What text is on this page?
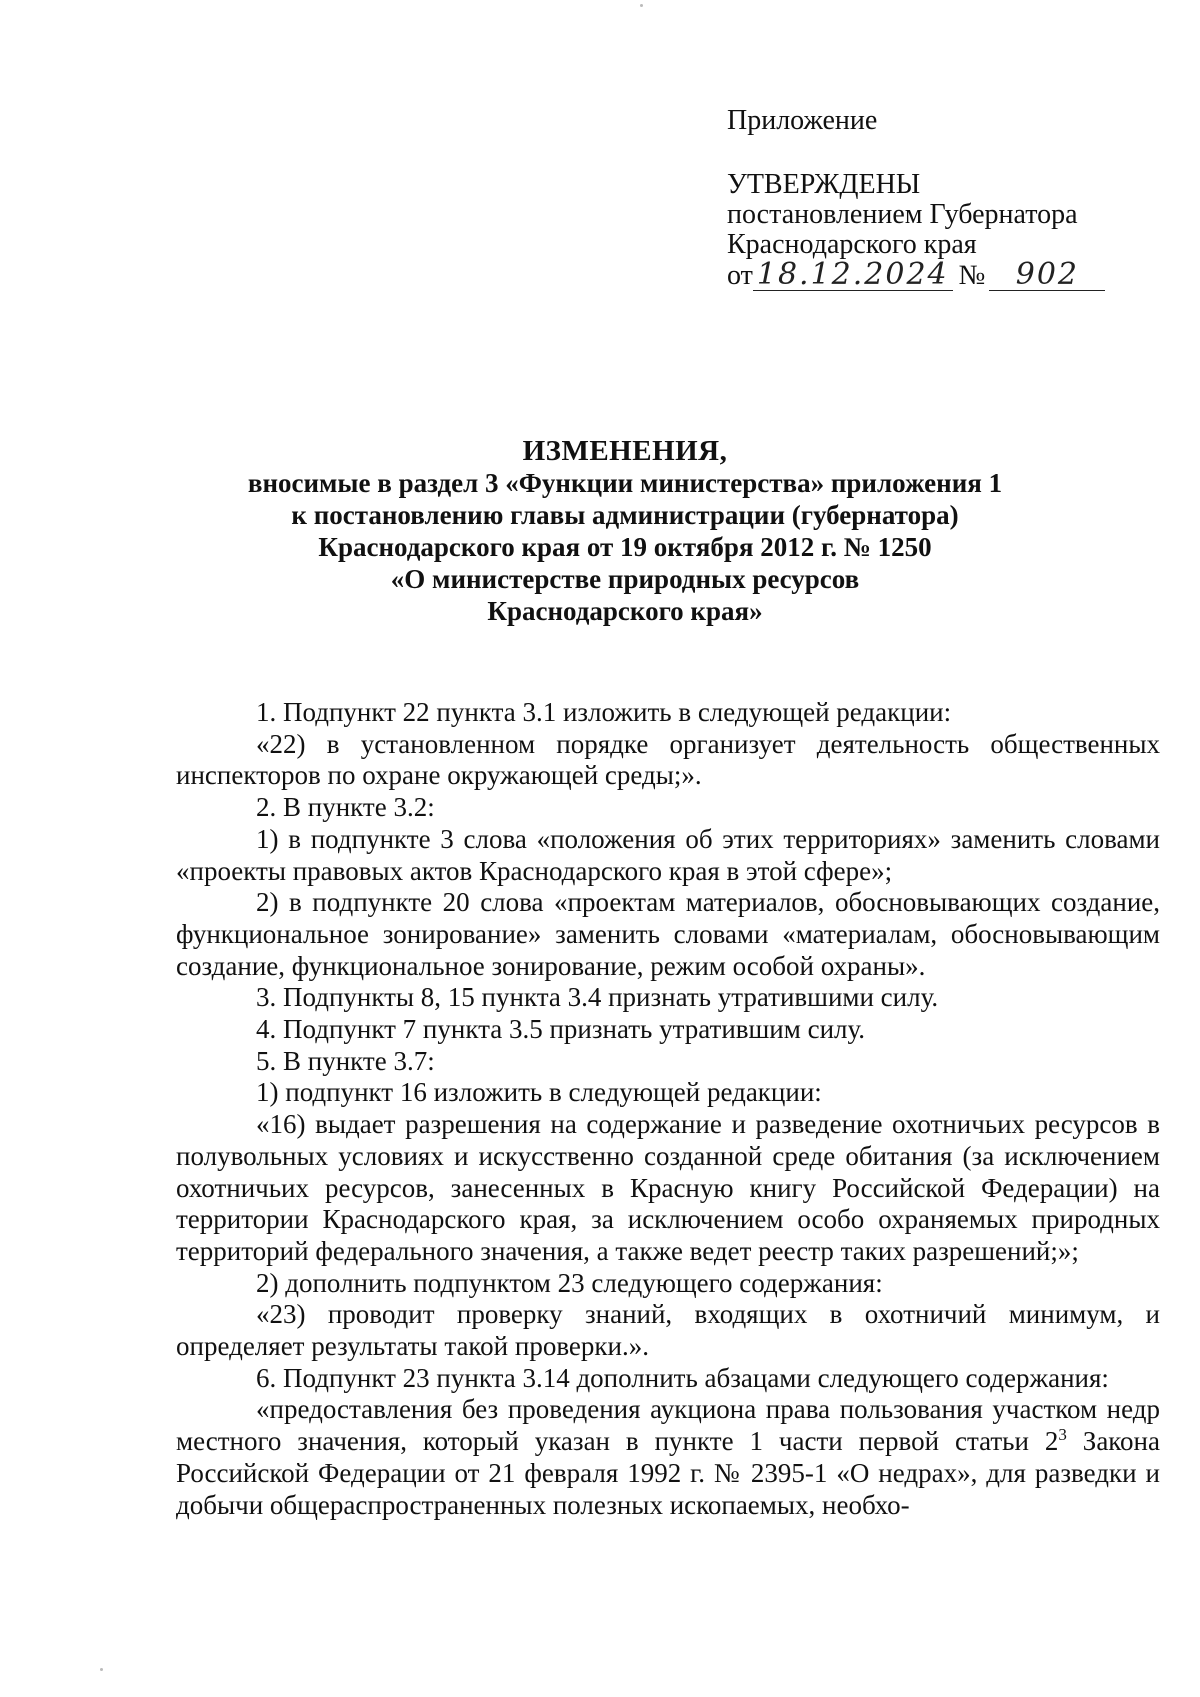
Приложение

УТВЕРЖДЕНЫ

постановлением Губернатора

Краснодарского края

от 18.12.2024 № 902

ИЗМЕНЕНИЯ,

вносимые в раздел 3 «Функции министерства» приложения 1

к постановлению главы администрации (губернатора)

Краснодарского края от 19 октября 2012 г. № 1250

«О министерстве природных ресурсов

Краснодарского края»

1. Подпункт 22 пункта 3.1 изложить в следующей редакции:

«22) в установленном порядке организует деятельность общественных инспекторов по охране окружающей среды;».

2. В пункте 3.2:

1) в подпункте 3 слова «положения об этих территориях» заменить словами «проекты правовых актов Краснодарского края в этой сфере»;

2) в подпункте 20 слова «проектам материалов, обосновывающих создание, функциональное зонирование» заменить словами «материалам, обосновывающим создание, функциональное зонирование, режим особой охраны».

3. Подпункты 8, 15 пункта 3.4 признать утратившими силу.

4. Подпункт 7 пункта 3.5 признать утратившим силу.

5. В пункте 3.7:

1) подпункт 16 изложить в следующей редакции:

«16) выдает разрешения на содержание и разведение охотничьих ресурсов в полувольных условиях и искусственно созданной среде обитания (за исключением охотничьих ресурсов, занесенных в Красную книгу Российской Федерации) на территории Краснодарского края, за исключением особо охраняемых природных территорий федерального значения, а также ведет реестр таких разрешений;»;

2) дополнить подпунктом 23 следующего содержания:

«23) проводит проверку знаний, входящих в охотничий минимум, и определяет результаты такой проверки.».

6. Подпункт 23 пункта 3.14 дополнить абзацами следующего содержания:

«предоставления без проведения аукциона права пользования участком недр местного значения, который указан в пункте 1 части первой статьи $2^3$ Закона Российской Федерации от 21 февраля 1992 г. № 2395-1 «О недрах», для разведки и добычи общераспространенных полезных ископаемых, необхо-
